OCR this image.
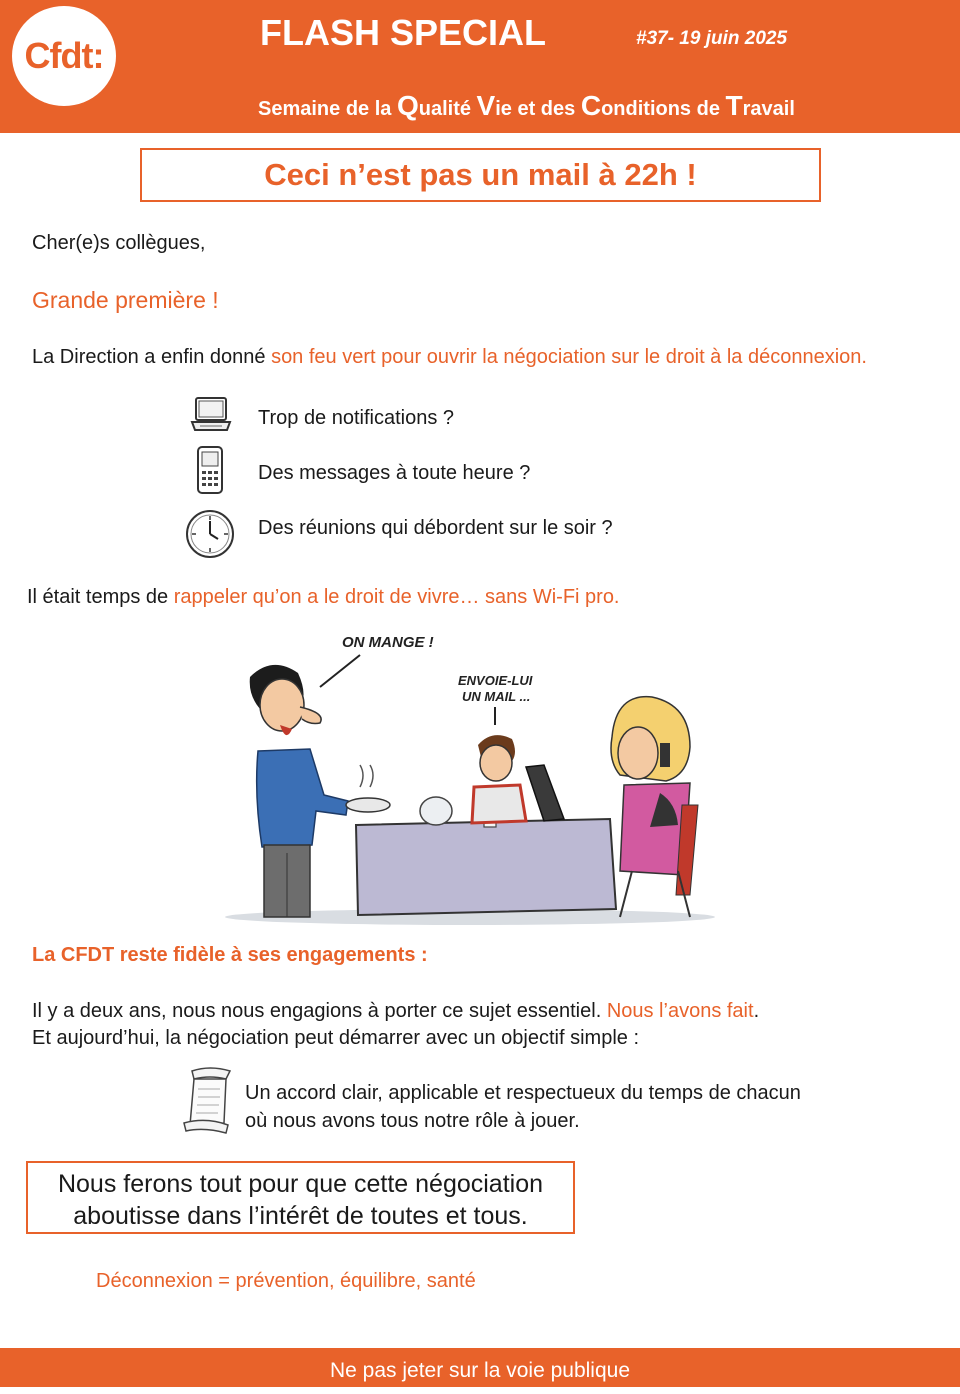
Cfdt:
FLASH SPECIAL	#37- 19 juin 2025
Semaine de la Qualité Vie et des Conditions de Travail
Ceci n’est pas un mail à 22h !
Cher(e)s collègues,
Grande première !
La Direction a enfin donné son feu vert pour ouvrir la négociation sur le droit à la déconnexion.
Trop de notifications ?
Des messages à toute heure ?
Des réunions qui débordent sur le soir ?
Il était temps de rappeler qu’on a le droit de vivre… sans Wi-Fi pro.
ON MANGE !
ENVOIE-LUI
UN MAIL ...
La CFDT reste fidèle à ses engagements :
Il y a deux ans, nous nous engagions à porter ce sujet essentiel. Nous l’avons fait.
Et aujourd’hui, la négociation peut démarrer avec un objectif simple :
Un accord clair, applicable et respectueux du temps de chacun
où nous avons tous notre rôle à jouer.
Nous ferons tout pour que cette négociation
aboutisse dans l’intérêt de toutes et tous.
Déconnexion = prévention, équilibre, santé
Ne pas jeter sur la voie publique
